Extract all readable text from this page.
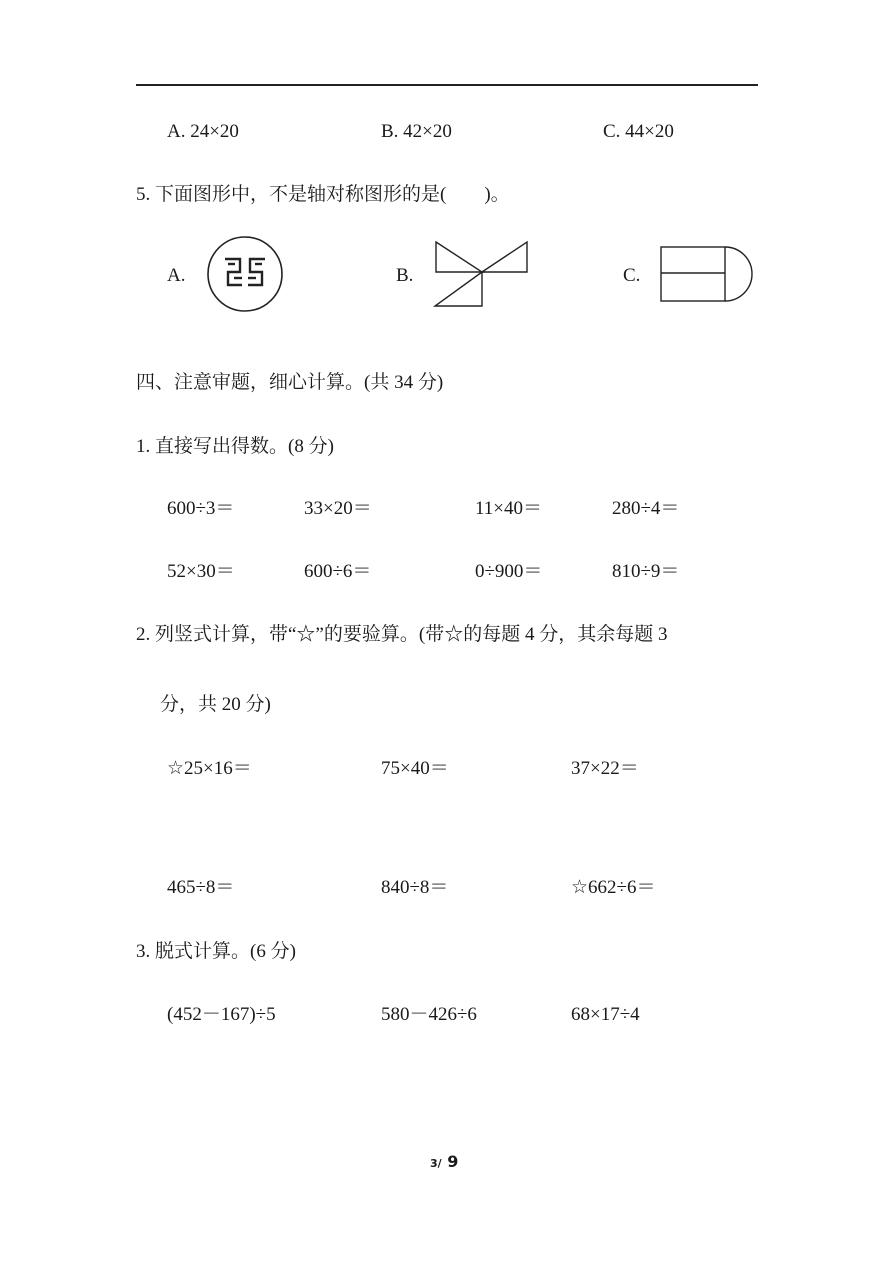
A. 24×20	B. 42×20	C. 44×20
5. 下面图形中，不是轴对称图形的是(　　)。
A.	B.	C.
四、注意审题，细心计算。(共 34 分)
1. 直接写出得数。(8 分)
600÷3＝	33×20＝	11×40＝	280÷4＝
52×30＝	600÷6＝	0÷900＝	810÷9＝
2. 列竖式计算，带“☆”的要验算。(带☆的每题 4 分，其余每题 3
分，共 20 分)
☆25×16＝	75×40＝	37×22＝
465÷8＝	840÷8＝	☆662÷6＝
3. 脱式计算。(6 分)
(452－167)÷5	580－426÷6	68×17÷4
3/ 9
